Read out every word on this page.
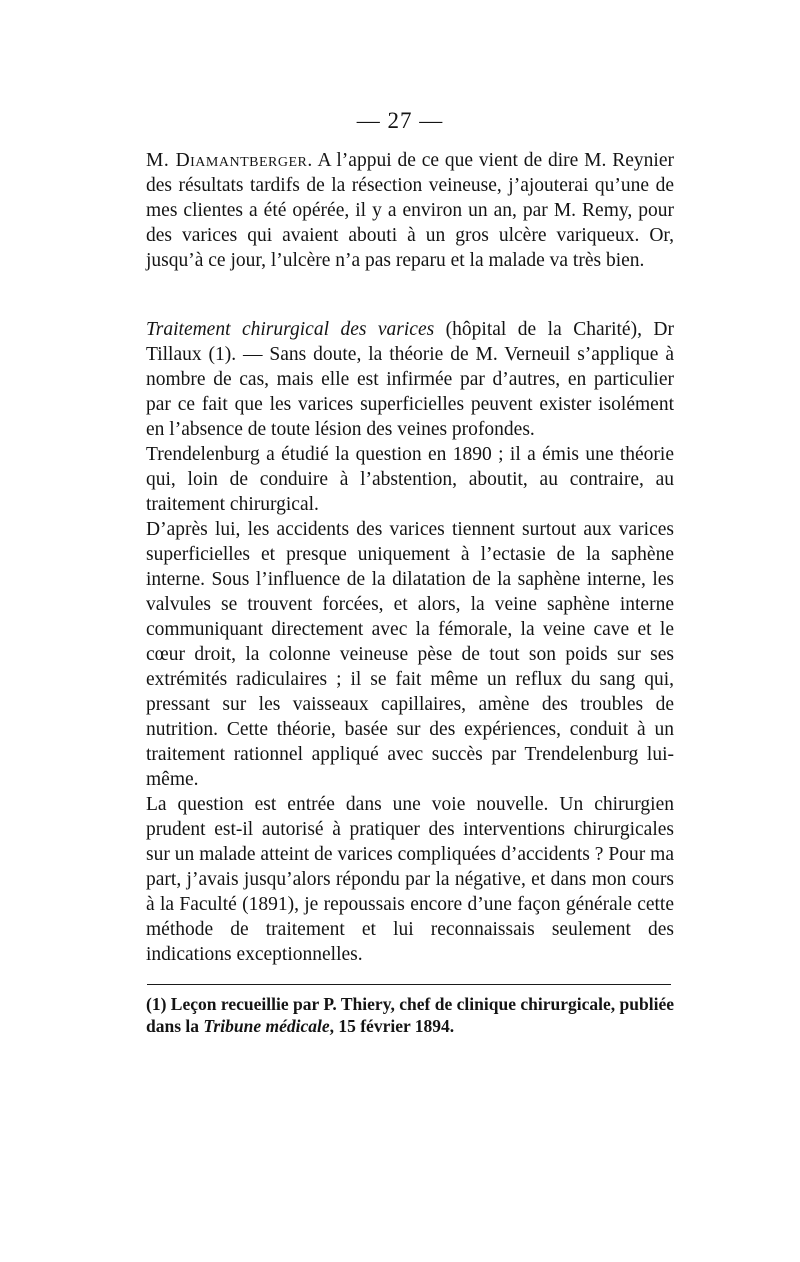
— 27 —

M. Diamantberger. A l’appui de ce que vient de dire M. Reynier des résultats tardifs de la résection veineuse, j’ajouterai qu’une de mes clientes a été opérée, il y a environ un an, par M. Remy, pour des varices qui avaient abouti à un gros ulcère variqueux. Or, jusqu’à ce jour, l’ulcère n’a pas reparu et la malade va très bien.

Traitement chirurgical des varices (hôpital de la Charité), Dr Tillaux (1). — Sans doute, la théorie de M. Verneuil s’applique à nombre de cas, mais elle est infirmée par d’autres, en particulier par ce fait que les varices superficielles peuvent exister isolément en l’absence de toute lésion des veines profondes.

Trendelenburg a étudié la question en 1890 ; il a émis une théorie qui, loin de conduire à l’abstention, aboutit, au contraire, au traitement chirurgical.

D’après lui, les accidents des varices tiennent surtout aux varices superficielles et presque uniquement à l’ectasie de la saphène interne. Sous l’influence de la dilatation de la saphène interne, les valvules se trouvent forcées, et alors, la veine saphène interne communiquant directement avec la fémorale, la veine cave et le cœur droit, la colonne veineuse pèse de tout son poids sur ses extrémités radiculaires ; il se fait même un reflux du sang qui, pressant sur les vaisseaux capillaires, amène des troubles de nutrition. Cette théorie, basée sur des expériences, conduit à un traitement rationnel appliqué avec succès par Trendelenburg lui-même.

La question est entrée dans une voie nouvelle. Un chirurgien prudent est-il autorisé à pratiquer des interventions chirurgicales sur un malade atteint de varices compliquées d’accidents ? Pour ma part, j’avais jusqu’alors répondu par la négative, et dans mon cours à la Faculté (1891), je repoussais encore d’une façon générale cette méthode de traitement et lui reconnaissais seulement des indications exceptionnelles.

(1) Leçon recueillie par P. Thiery, chef de clinique chirurgicale, publiée dans la Tribune médicale, 15 février 1894.
